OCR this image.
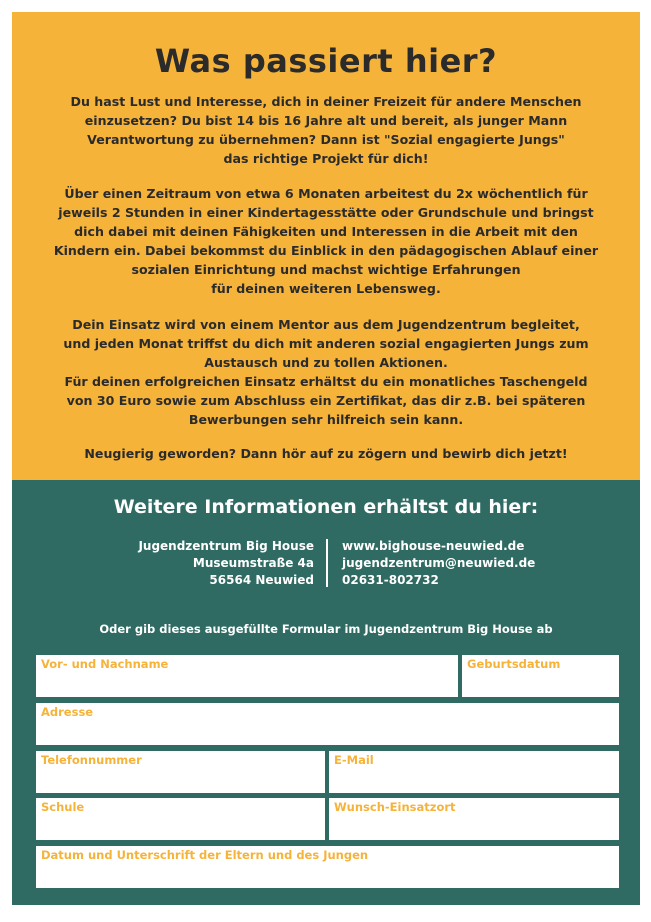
Was passiert hier?

Du hast Lust und Interesse, dich in deiner Freizeit für andere Menschen
einzusetzen? Du bist 14 bis 16 Jahre alt und bereit, als junger Mann
Verantwortung zu übernehmen? Dann ist "Sozial engagierte Jungs"
das richtige Projekt für dich!

Über einen Zeitraum von etwa 6 Monaten arbeitest du 2x wöchentlich für
jeweils 2 Stunden in einer Kindertagesstätte oder Grundschule und bringst
dich dabei mit deinen Fähigkeiten und Interessen in die Arbeit mit den
Kindern ein. Dabei bekommst du Einblick in den pädagogischen Ablauf einer
sozialen Einrichtung und machst wichtige Erfahrungen
für deinen weiteren Lebensweg.

Dein Einsatz wird von einem Mentor aus dem Jugendzentrum begleitet,
und jeden Monat triffst du dich mit anderen sozial engagierten Jungs zum
Austausch und zu tollen Aktionen.
Für deinen erfolgreichen Einsatz erhältst du ein monatliches Taschengeld
von 30 Euro sowie zum Abschluss ein Zertifikat, das dir z.B. bei späteren
Bewerbungen sehr hilfreich sein kann.

Neugierig geworden? Dann hör auf zu zögern und bewirb dich jetzt!

Weitere Informationen erhältst du hier:
Jugendzentrum Big House
Museumstraße 4a
56564 Neuwied
www.bighouse-neuwied.de
jugendzentrum@neuwied.de
02631-802732
Oder gib dieses ausgefüllte Formular im Jugendzentrum Big House ab
Vor- und Nachname	Geburtsdatum
Adresse
Telefonnummer	E-Mail
Schule	Wunsch-Einsatzort
Datum und Unterschrift der Eltern und des Jungen
